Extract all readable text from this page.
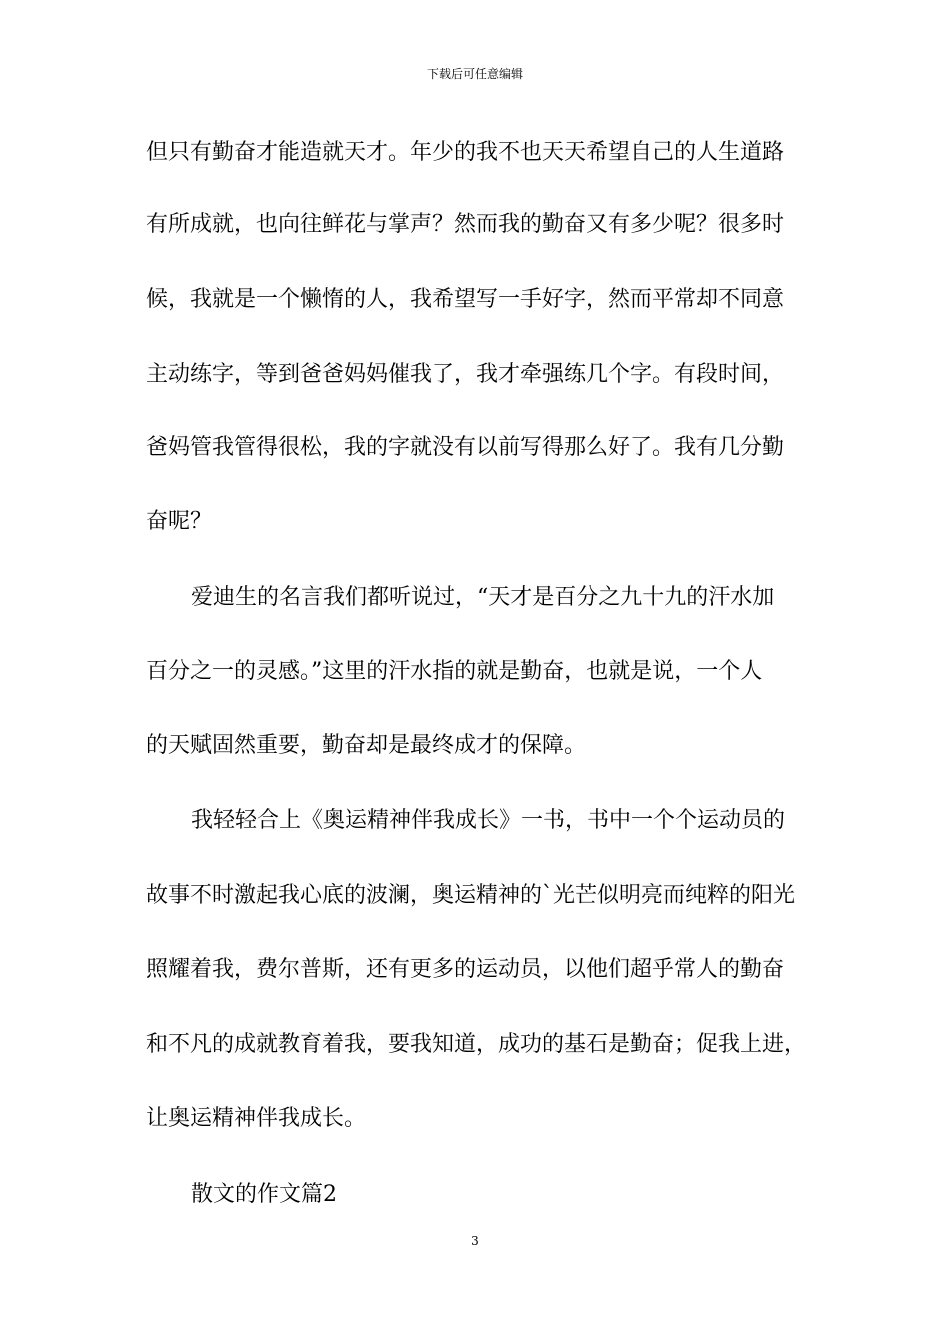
下载后可任意编辑
但只有勤奋才能造就天才。年少的我不也天天希望自己的人生道路
有所成就，也向往鲜花与掌声？然而我的勤奋又有多少呢？很多时
候，我就是一个懒惰的人，我希望写一手好字，然而平常却不同意
主动练字，等到爸爸妈妈催我了，我才牵强练几个字。有段时间，
爸妈管我管得很松，我的字就没有以前写得那么好了。我有几分勤
奋呢？
爱迪生的名言我们都听说过，“天才是百分之九十九的汗水加
百分之一的灵感。”这里的汗水指的就是勤奋，也就是说，一个人
的天赋固然重要，勤奋却是最终成才的保障。
我轻轻合上《奥运精神伴我成长》一书，书中一个个运动员的
故事不时激起我心底的波澜，奥运精神的`光芒似明亮而纯粹的阳光
照耀着我，费尔普斯，还有更多的运动员，以他们超乎常人的勤奋
和不凡的成就教育着我，要我知道，成功的基石是勤奋；促我上进，
让奥运精神伴我成长。
散文的作文篇2
3
